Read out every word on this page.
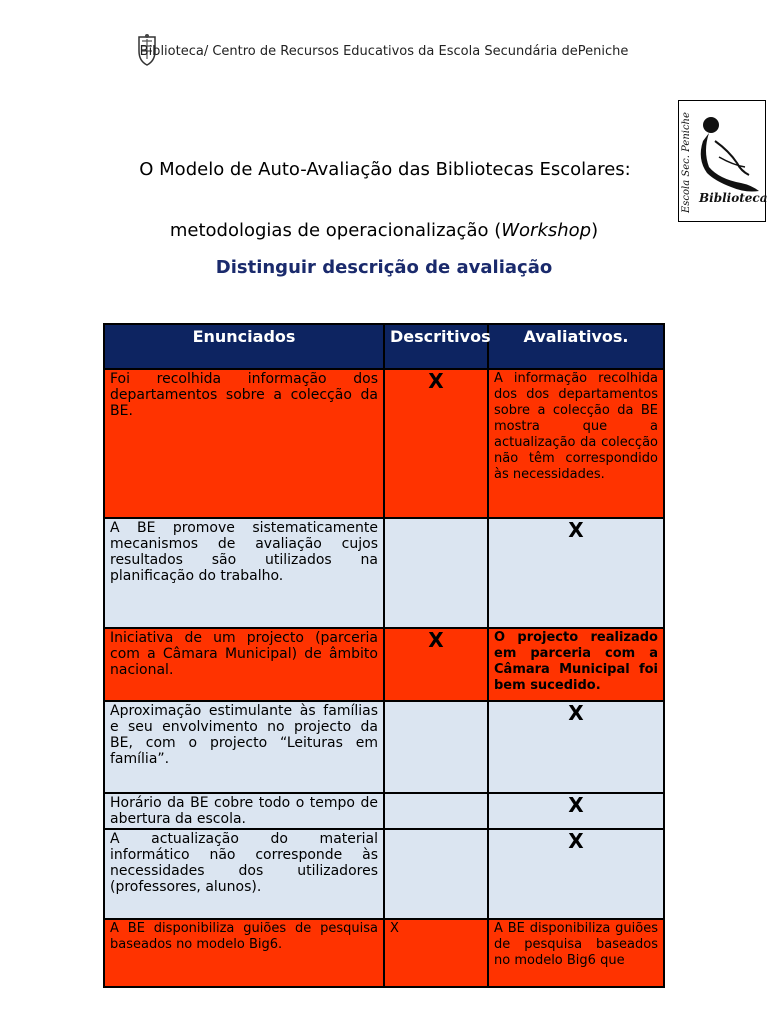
Biblioteca/ Centro de Recursos Educativos da Escola Secundária dePeniche
Escola Sec. Peniche Biblioteca
O Modelo de Auto-Avaliação das Bibliotecas Escolares:
metodologias de operacionalização (Workshop)
Distinguir descrição de avaliação
Enunciados	Descritivos	Avaliativos.
Foi recolhida informação dos departamentos sobre a colecção da BE.	X	A informação recolhida dos dos departamentos sobre a colecção da BE mostra que a actualização da colecção não têm correspondido às necessidades.
A BE promove sistematicamente mecanismos de avaliação cujos resultados são utilizados na planificação do trabalho.		X
Iniciativa de um projecto (parceria com a Câmara Municipal) de âmbito nacional.	X	O projecto realizado em parceria com a Câmara Municipal foi bem sucedido.
Aproximação estimulante às famílias e seu envolvimento no projecto da BE, com o projecto “Leituras em família”.		X
Horário da BE cobre todo o tempo de abertura da escola.		X
A actualização do material informático não corresponde às necessidades dos utilizadores (professores, alunos).		X
A BE disponibiliza guiões de pesquisa baseados no modelo Big6.	X	A BE disponibiliza guiões de pesquisa baseados no modelo Big6 que
